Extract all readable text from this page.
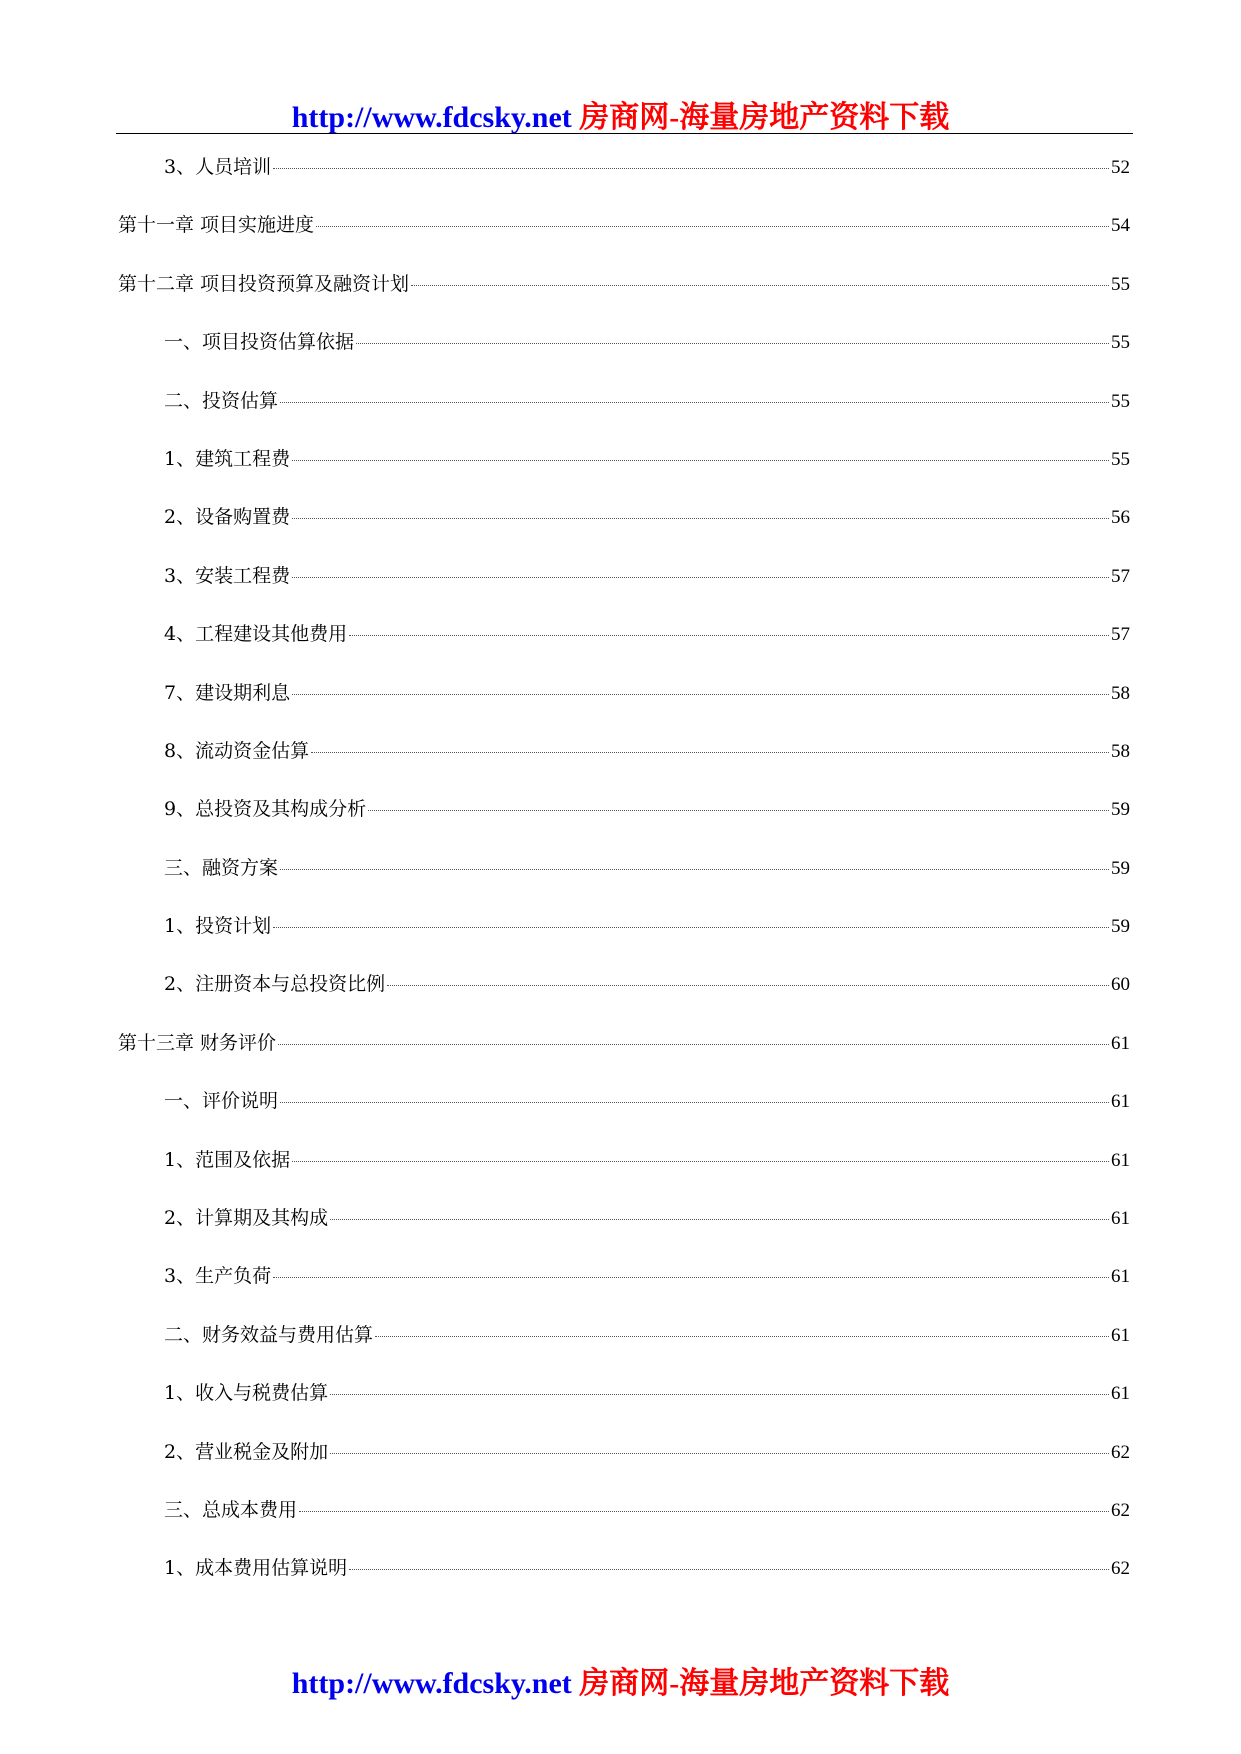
http://www.fdcsky.net 房商网-海量房地产资料下载
3、人员培训	52
第十一章 项目实施进度	54
第十二章 项目投资预算及融资计划	55
一、项目投资估算依据	55
二、投资估算	55
1、建筑工程费	55
2、设备购置费	56
3、安装工程费	57
4、工程建设其他费用	57
7、建设期利息	58
8、流动资金估算	58
9、总投资及其构成分析	59
三、融资方案	59
1、投资计划	59
2、注册资本与总投资比例	60
第十三章 财务评价	61
一、评价说明	61
1、范围及依据	61
2、计算期及其构成	61
3、生产负荷	61
二、财务效益与费用估算	61
1、收入与税费估算	61
2、营业税金及附加	62
三、总成本费用	62
1、成本费用估算说明	62
http://www.fdcsky.net 房商网-海量房地产资料下载
